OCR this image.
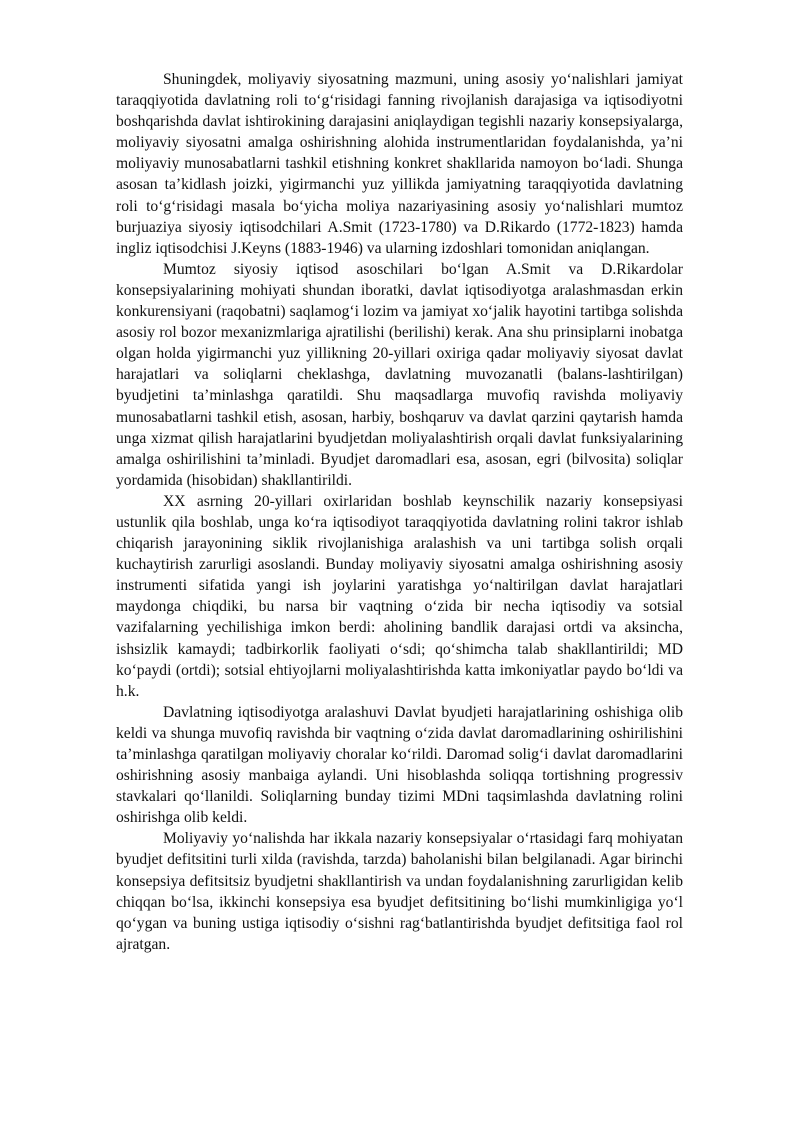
Shuningdek, moliyaviy siyosatning mazmuni, uning asosiy yo‘nalishlari jamiyat taraqqiyotida davlatning roli to‘g‘risidagi fanning rivojlanish darajasiga va iqtisodiyotni boshqarishda davlat ishtirokining darajasini aniqlaydigan tegishli nazariy konsepsiyalarga, moliyaviy siyosatni amalga oshirishning alohida instrumentlaridan foydalanishda, ya’ni moliyaviy munosabatlarni tashkil etishning konkret shakllarida namoyon bo‘ladi. Shunga asosan ta’kidlash joizki, yigirmanchi yuz yillikda jamiyatning taraqqiyotida davlatning roli to‘g‘risidagi masala bo‘yicha moliya nazariyasining asosiy yo‘nalishlari mumtoz burjuaziya siyosiy iqtisodchilari A.Smit (1723-1780) va D.Rikardo (1772-1823) hamda ingliz iqtisodchisi J.Keyns (1883-1946) va ularning izdoshlari tomonidan aniqlangan.

Mumtoz siyosiy iqtisod asoschilari bo‘lgan A.Smit va D.Rikardolar konsepsiyalarining mohiyati shundan iboratki, davlat iqtisodiyotga aralashmasdan erkin konkurensiyani (raqobatni) saqlamog‘i lozim va jamiyat xo‘jalik hayotini tartibga solishda asosiy rol bozor mexanizmlariga ajratilishi (berilishi) kerak. Ana shu prinsiplarni inobatga olgan holda yigirmanchi yuz yillikning 20-yillari oxiriga qadar moliyaviy siyosat davlat harajatlari va soliqlarni cheklashga, davlatning muvozanatli (balans-lashtirilgan) byudjetini ta’minlashga qaratildi. Shu maqsadlarga muvofiq ravishda moliyaviy munosabatlarni tashkil etish, asosan, harbiy, boshqaruv va davlat qarzini qaytarish hamda unga xizmat qilish harajatlarini byudjetdan moliyalashtirish orqali davlat funksiyalarining amalga oshirilishini ta’minladi. Byudjet daromadlari esa, asosan, egri (bilvosita) soliqlar yordamida (hisobidan) shakllantirildi.

XX asrning 20-yillari oxirlaridan boshlab keynschilik nazariy konsepsiyasi ustunlik qila boshlab, unga ko‘ra iqtisodiyot taraqqiyotida davlatning rolini takror ishlab chiqarish jarayonining siklik rivojlanishiga aralashish va uni tartibga solish orqali kuchaytirish zarurligi asoslandi. Bunday moliyaviy siyosatni amalga oshirishning asosiy instrumenti sifatida yangi ish joylarini yaratishga yo‘naltirilgan davlat harajatlari maydonga chiqdiki, bu narsa bir vaqtning o‘zida bir necha iqtisodiy va sotsial vazifalarning yechilishiga imkon berdi: aholining bandlik darajasi ortdi va aksincha, ishsizlik kamaydi; tadbirkorlik faoliyati o‘sdi; qo‘shimcha talab shakllantirildi; MD ko‘paydi (ortdi); sotsial ehtiyojlarni moliyalashtirishda katta imkoniyatlar paydo bo‘ldi va h.k.

Davlatning iqtisodiyotga aralashuvi Davlat byudjeti harajatlarining oshishiga olib keldi va shunga muvofiq ravishda bir vaqtning o‘zida davlat daromadlarining oshirilishini ta’minlashga qaratilgan moliyaviy choralar ko‘rildi. Daromad solig‘i davlat daromadlarini oshirishning asosiy manbaiga aylandi. Uni hisoblashda soliqqa tortishning progressiv stavkalari qo‘llanildi. Soliqlarning bunday tizimi MDni taqsimlashda davlatning rolini oshirishga olib keldi.

Moliyaviy yo‘nalishda har ikkala nazariy konsepsiyalar o‘rtasidagi farq mohiyatan byudjet defitsitini turli xilda (ravishda, tarzda) baholanishi bilan belgilanadi. Agar birinchi konsepsiya defitsitsiz byudjetni shakllantirish va undan foydalanishning zarurligidan kelib chiqqan bo‘lsa, ikkinchi konsepsiya esa byudjet defitsitining bo‘lishi mumkinligiga yo‘l qo‘ygan va buning ustiga iqtisodiy o‘sishni rag‘batlantirishda byudjet defitsitiga faol rol ajratgan.
